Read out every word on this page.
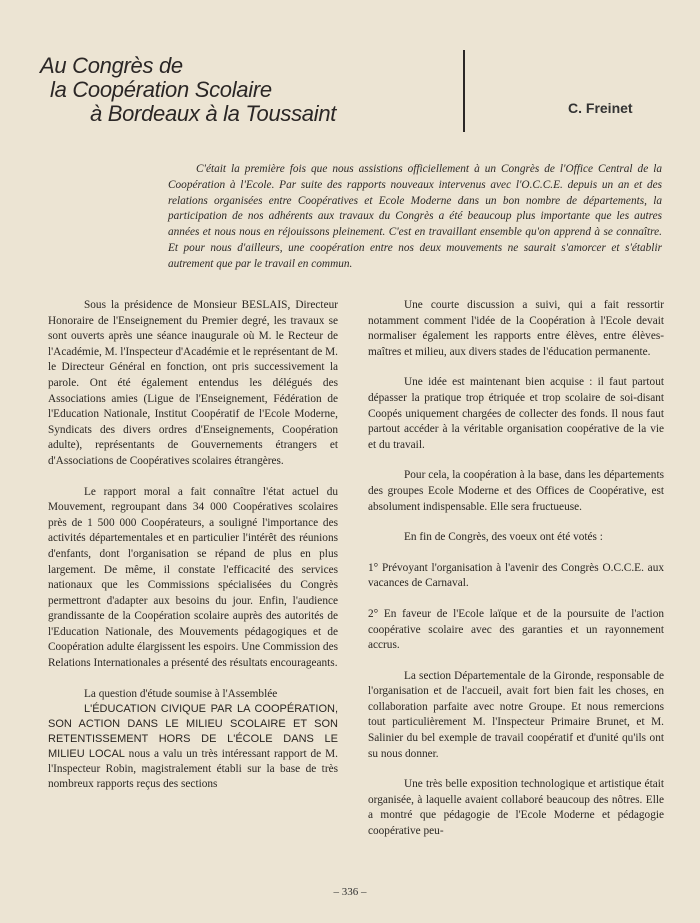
Au Congrès de
la Coopération Scolaire
à Bordeaux à la Toussaint	C. Freinet
C'était la première fois que nous assistions officiellement à un Congrès de l'Office Central de la Coopération à l'Ecole. Par suite des rapports nouveaux intervenus avec l'O.C.C.E. depuis un an et des relations organisées entre Coopératives et Ecole Moderne dans un bon nombre de départements, la participation de nos adhérents aux travaux du Congrès a été beaucoup plus importante que les autres années et nous nous en réjouissons pleinement. C'est en travaillant ensemble qu'on apprend à se connaître. Et pour nous d'ailleurs, une coopération entre nos deux mouvements ne saurait s'amorcer et s'établir autrement que par le travail en commun.

Sous la présidence de Monsieur BESLAIS, Directeur Honoraire de l'Enseignement du Premier degré, les travaux se sont ouverts après une séance inaugurale où M. le Recteur de l'Académie, M. l'Inspecteur d'Académie et le représentant de M. le Directeur Général en fonction, ont pris successivement la parole. Ont été également entendus les délégués des Associations amies (Ligue de l'Enseignement, Fédération de l'Education Nationale, Institut Coopératif de l'Ecole Moderne, Syndicats des divers ordres d'Enseignements, Coopération adulte), représentants de Gouvernements étrangers et d'Associations de Coopératives scolaires étrangères.

Le rapport moral a fait connaître l'état actuel du Mouvement, regroupant dans 34 000 Coopératives scolaires près de 1 500 000 Coopérateurs, a souligné l'importance des activités départementales et en particulier l'intérêt des réunions d'enfants, dont l'organisation se répand de plus en plus largement. De même, il constate l'efficacité des services nationaux que les Commissions spécialisées du Congrès permettront d'adapter aux besoins du jour. Enfin, l'audience grandissante de la Coopération scolaire auprès des autorités de l'Education Nationale, des Mouvements pédagogiques et de Coopération adulte élargissent les espoirs. Une Commission des Relations Internationales a présenté des résultats encourageants.

La question d'étude soumise à l'Assemblée

L'ÉDUCATION CIVIQUE PAR LA COOPÉRATION, SON ACTION DANS LE MILIEU SCOLAIRE ET SON RETENTISSEMENT HORS DE L'ÉCOLE DANS LE MILIEU LOCAL nous a valu un très intéressant rapport de M. l'Inspecteur Robin, magistralement établi sur la base de très nombreux rapports reçus des sections

Une courte discussion a suivi, qui a fait ressortir notamment comment l'idée de la Coopération à l'Ecole devait normaliser également les rapports entre élèves, entre élèves-maîtres et milieu, aux divers stades de l'éducation permanente.

Une idée est maintenant bien acquise : il faut partout dépasser la pratique trop étriquée et trop scolaire de soi-disant Coopés uniquement chargées de collecter des fonds. Il nous faut partout accéder à la véritable organisation coopérative de la vie et du travail.

Pour cela, la coopération à la base, dans les départements des groupes Ecole Moderne et des Offices de Coopérative, est absolument indispensable. Elle sera fructueuse.

En fin de Congrès, des voeux ont été votés :

1° Prévoyant l'organisation à l'avenir des Congrès O.C.C.E. aux vacances de Carnaval.

2° En faveur de l'Ecole laïque et de la poursuite de l'action coopérative scolaire avec des garanties et un rayonnement accrus.

La section Départementale de la Gironde, responsable de l'organisation et de l'accueil, avait fort bien fait les choses, en collaboration parfaite avec notre Groupe. Et nous remercions tout particulièrement M. l'Inspecteur Primaire Brunet, et M. Salinier du bel exemple de travail coopératif et d'unité qu'ils ont su nous donner.

Une très belle exposition technologique et artistique était organisée, à laquelle avaient collaboré beaucoup des nôtres. Elle a montré que pédagogie de l'Ecole Moderne et pédagogie coopérative peu-

– 336 –
